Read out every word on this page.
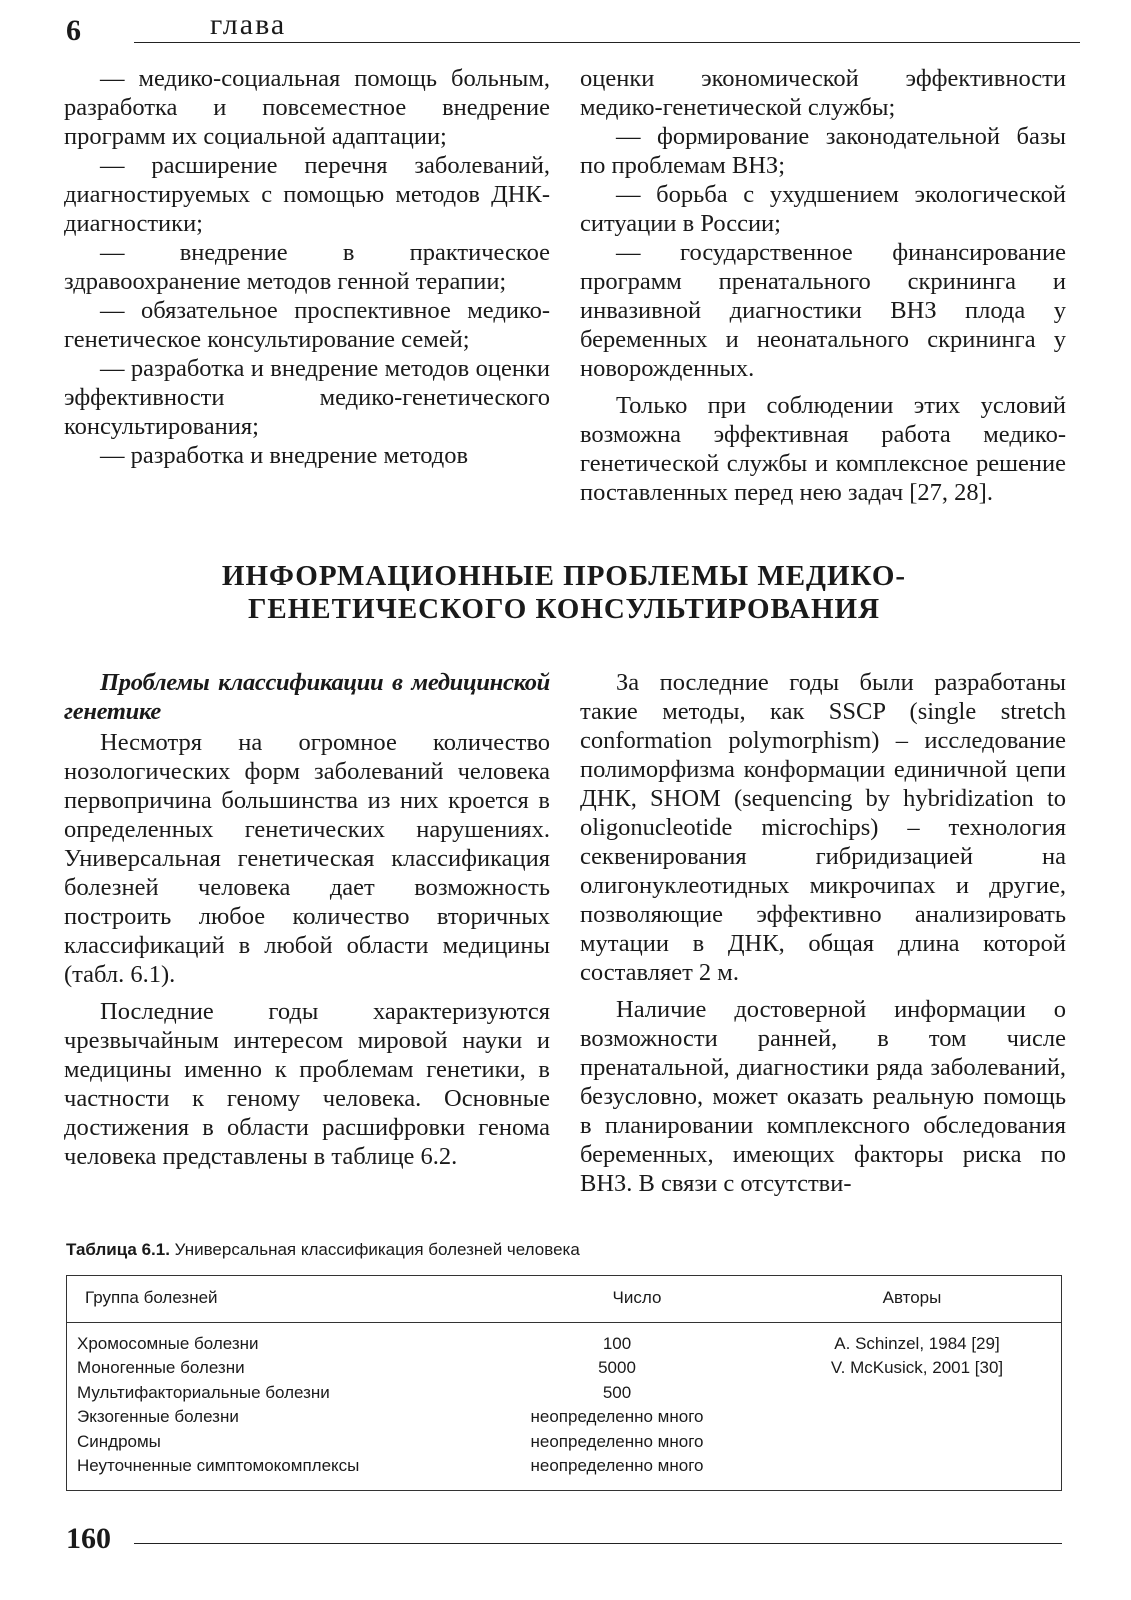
6	глава

— медико-социальная помощь больным, разработка и повсеместное внедрение программ их социальной адаптации;

— расширение перечня заболеваний, диагностируемых с помощью методов ДНК-диагностики;

— внедрение в практическое здравоохранение методов генной терапии;

— обязательное проспективное медико-генетическое консультирование семей;

— разработка и внедрение методов оценки эффективности медико-генетического консультирования;

— разработка и внедрение методов

оценки экономической эффективности медико-генетической службы;

— формирование законодательной базы по проблемам ВНЗ;

— борьба с ухудшением экологической ситуации в России;

— государственное финансирование программ пренатального скрининга и инвазивной диагностики ВНЗ плода у беременных и неонатального скрининга у новорожденных.

Только при соблюдении этих условий возможна эффективная работа медико-генетической службы и комплексное решение поставленных перед нею задач [27, 28].

ИНФОРМАЦИОННЫЕ ПРОБЛЕМЫ МЕДИКО-
ГЕНЕТИЧЕСКОГО КОНСУЛЬТИРОВАНИЯ

Проблемы классификации в медицинской генетике

Несмотря на огромное количество нозологических форм заболеваний человека первопричина большинства из них кроется в определенных генетических нарушениях. Универсальная генетическая классификация болезней человека дает возможность построить любое количество вторичных классификаций в любой области медицины (табл. 6.1).

Последние годы характеризуются чрезвычайным интересом мировой науки и медицины именно к проблемам генетики, в частности к геному человека. Основные достижения в области расшифровки генома человека представлены в таблице 6.2.

За последние годы были разработаны такие методы, как SSCP (single stretch conformation polymorphism) – исследование полиморфизма конформации единичной цепи ДНК, SHOM (sequencing by hybridization to oligonucleotide microchips) – технология секвенирования гибридизацией на олигонуклеотидных микрочипах и другие, позволяющие эффективно анализировать мутации в ДНК, общая длина которой составляет 2 м.

Наличие достоверной информации о возможности ранней, в том числе пренатальной, диагностики ряда заболеваний, безусловно, может оказать реальную помощь в планировании комплексного обследования беременных, имеющих факторы риска по ВНЗ. В связи с отсутстви-

Таблица 6.1. Универсальная классификация болезней человека
Группа болезней	Число	Авторы
Хромосомные болезни	100	A. Schinzel, 1984 [29]
Моногенные болезни	5000	V. McKusick, 2001 [30]
Мультифакториальные болезни	500
Экзогенные болезни	неопределенно много
Синдромы	неопределенно много
Неуточненные симптомокомплексы	неопределенно много
160
